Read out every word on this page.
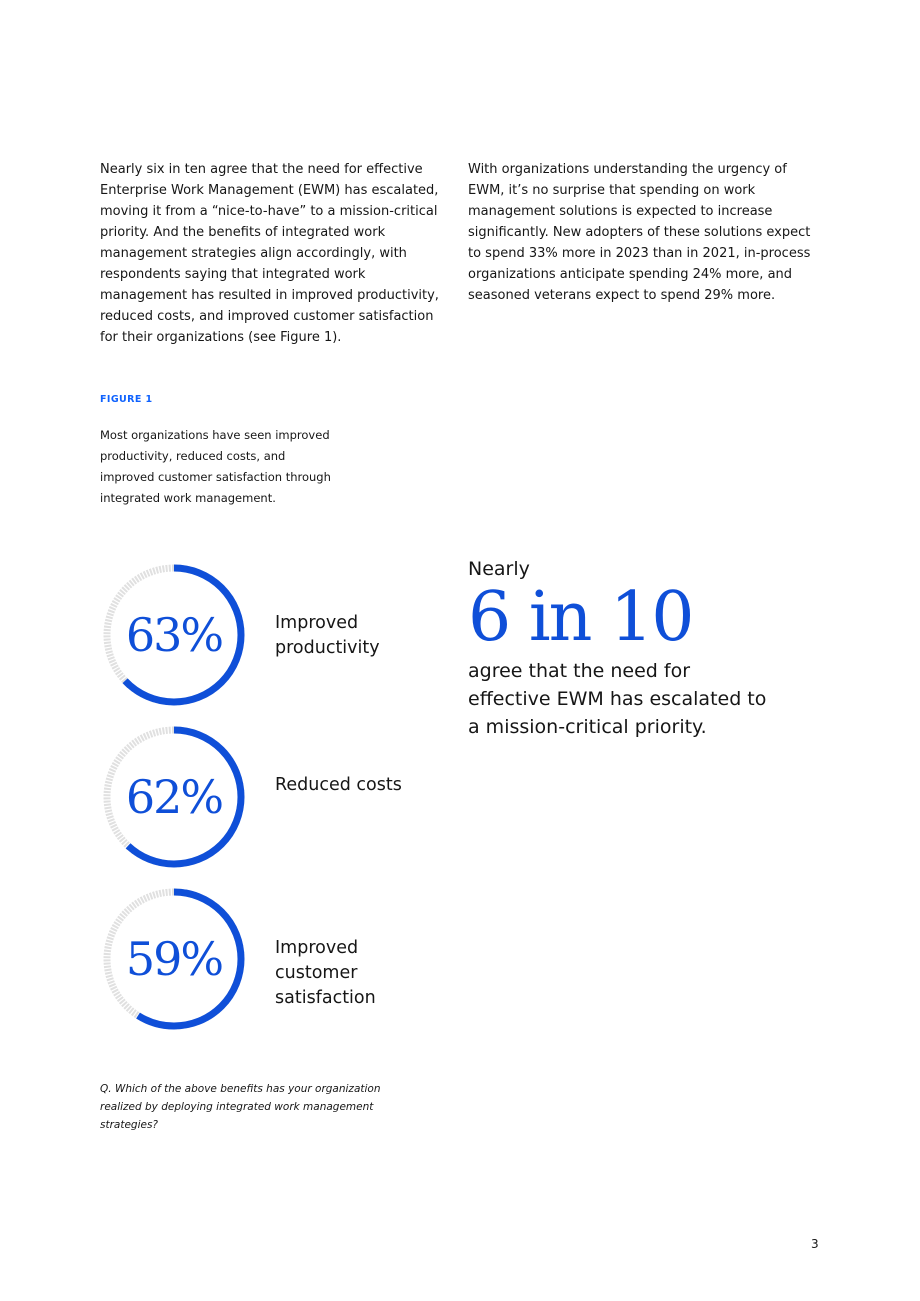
Nearly six in ten agree that the need for effective Enterprise Work Management (EWM) has escalated, moving it from a “nice-to-have” to a mission-critical priority. And the benefits of integrated work management strategies align accordingly, with respondents saying that integrated work management has resulted in improved productivity, reduced costs, and improved customer satisfaction for their organizations (see Figure 1).

With organizations understanding the urgency of EWM, it’s no surprise that spending on work management solutions is expected to increase significantly. New adopters of these solutions expect to spend 33% more in 2023 than in 2021, in-process organizations anticipate spending 24% more, and seasoned veterans expect to spend 29% more.

FIGURE 1
Most organizations have seen improved productivity, reduced costs, and improved customer satisfaction through integrated work management.
63%	Improved productivity
62%	Reduced costs
59%	Improved customer satisfaction
Nearly
6 in 10
agree that the need for effective EWM has escalated to a mission-critical priority.
Q. Which of the above benefits has your organization realized by deploying integrated work management strategies?
3
